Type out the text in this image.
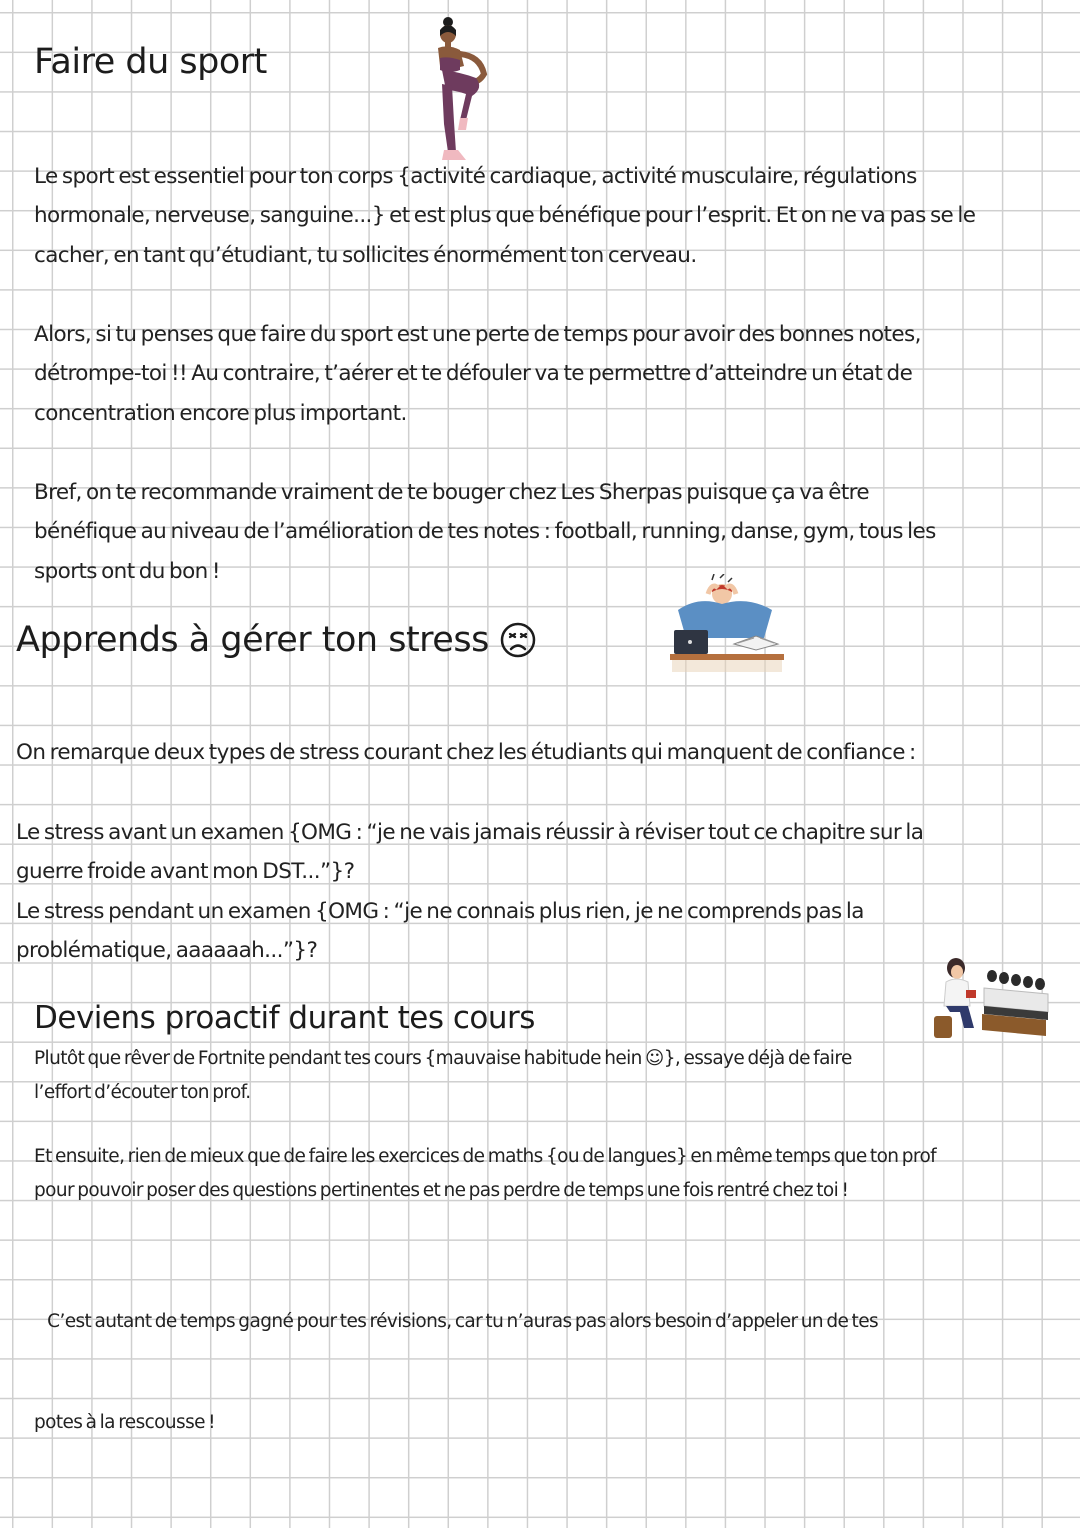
Faire du sport
Le sport est essentiel pour ton corps {activité cardiaque, activité musculaire, régulations
hormonale, nerveuse, sanguine...} et est plus que bénéfique pour l’esprit. Et on ne va pas se le
cacher, en tant qu’étudiant, tu sollicites énormément ton cerveau.
Alors, si tu penses que faire du sport est une perte de temps pour avoir des bonnes notes,
détrompe-toi !! Au contraire, t’aérer et te défouler va te permettre d’atteindre un état de
concentration encore plus important.
Bref, on te recommande vraiment de te bouger chez Les Sherpas puisque ça va être
bénéfique au niveau de l’amélioration de tes notes : football, running, danse, gym, tous les
sports ont du bon !
Apprends à gérer ton stress
On remarque deux types de stress courant chez les étudiants qui manquent de confiance :
Le stress avant un examen {OMG : “je ne vais jamais réussir à réviser tout ce chapitre sur la
guerre froide avant mon DST...”}?
Le stress pendant un examen {OMG : “je ne connais plus rien, je ne comprends pas la
problématique, aaaaaah...”}?
Deviens proactif durant tes cours
Plutôt que rêver de Fortnite pendant tes cours {mauvaise habitude hein ☺}, essaye déjà de faire
l’effort d’écouter ton prof.
Et ensuite, rien de mieux que de faire les exercices de maths {ou de langues} en même temps que ton prof
pour pouvoir poser des questions pertinentes et ne pas perdre de temps une fois rentré chez toi !

C’est autant de temps gagné pour tes révisions, car tu n’auras pas alors besoin d’appeler un de tes

potes à la rescousse !
